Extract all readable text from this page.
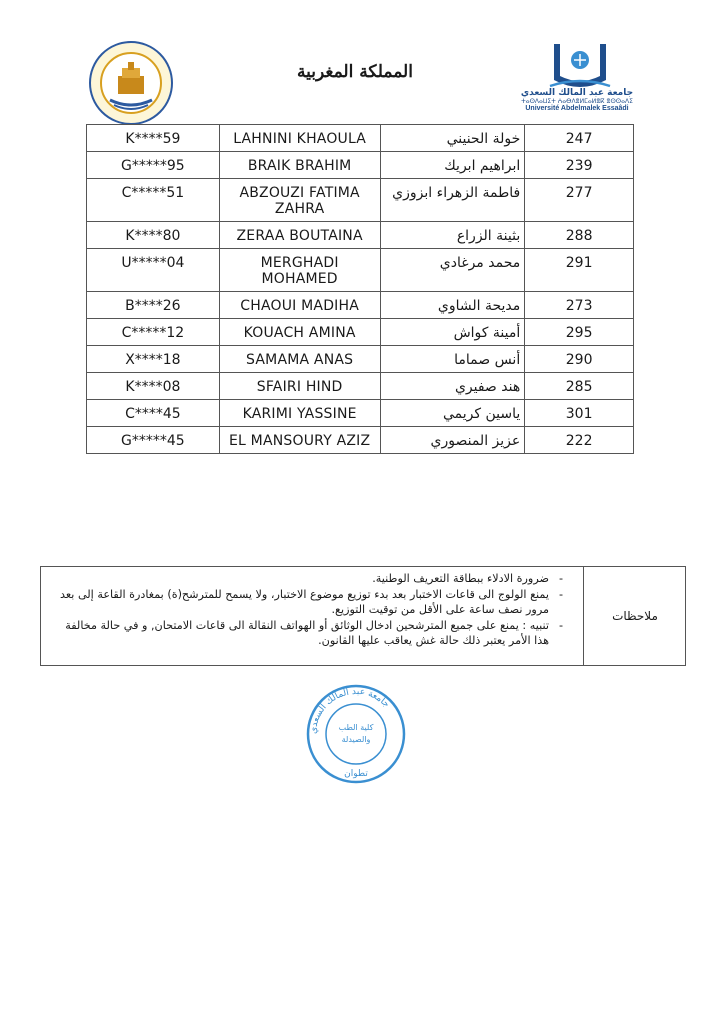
المملكة المغربية
جامعة عبد المالك السعدي
ⵜⴰⵙⴷⴰⵡⵉⵜ ⵄⴰⴱⴷⴻⵍⵎⴰⵍⴻⴽ ⴻⵙⵙⴰⴷⵉ
Université Abdelmalek Essaâdi
K****59	LAHNINI KHAOULA	خولة الحنيني	247
G*****95	BRAIK BRAHIM	ابراهيم ابريك	239
C*****51	ABZOUZI FATIMA ZAHRA	فاطمة الزهراء ابزوزي	277
K****80	ZERAA BOUTAINA	بثينة الزراع	288
U*****04	MERGHADI MOHAMED	محمد مرغادي	291
B****26	CHAOUI MADIHA	مديحة الشاوي	273
C*****12	KOUACH AMINA	أمينة كواش	295
X****18	SAMAMA ANAS	أنس صماما	290
K****08	SFAIRI HIND	هند صفيري	285
C****45	KARIMI YASSINE	ياسين كريمي	301
G*****45	EL MANSOURY AZIZ	عزيز المنصوري	222
-
ضرورة الادلاء ببطاقة التعريف الوطنية.
-
يمنع الولوج الى قاعات الاختبار بعد بدء توزيع موضوع الاختبار، ولا يسمح للمترشح(ة) بمغادرة القاعة إلى بعد مرور نصف ساعة على الأقل من توقيت التوزيع.
-
تنبيه : يمنع على جميع المترشحين ادخال الوثائق أو الهواتف النقالة الى قاعات الامتحان, و في حالة مخالفة هذا الأمر يعتبر ذلك حالة غش يعاقب عليها القانون.
ملاحظات
جامعة عبد المالك السعدي
كلية الطب
والصيدلة
تطوان
